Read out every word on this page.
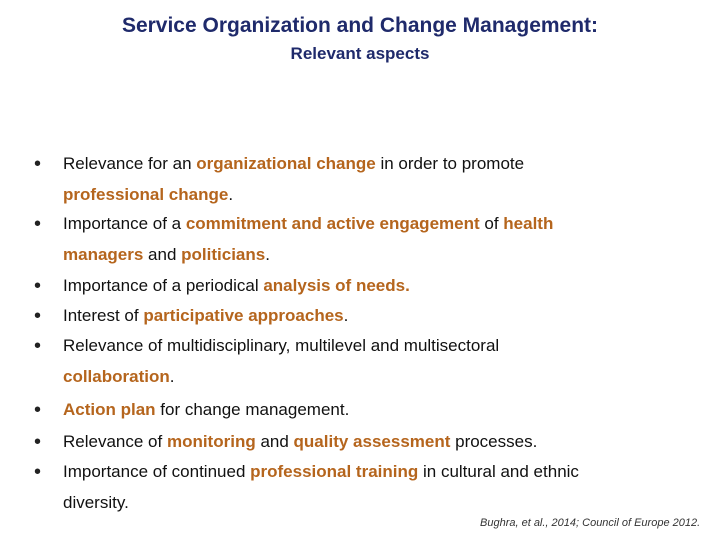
Service Organization and Change Management:
Relevant aspects
• Relevance for an organizational change in order to promote
professional change.
• Importance of a commitment and active engagement of health
managers and politicians.
• Importance of a periodical analysis of needs.
• Interest of participative approaches.
• Relevance of multidisciplinary, multilevel and multisectoral
collaboration.
• Action plan for change management.
• Relevance of monitoring and quality assessment processes.
• Importance of continued professional training in cultural and ethnic
diversity.

Bughra, et al., 2014; Council of Europe 2012.
